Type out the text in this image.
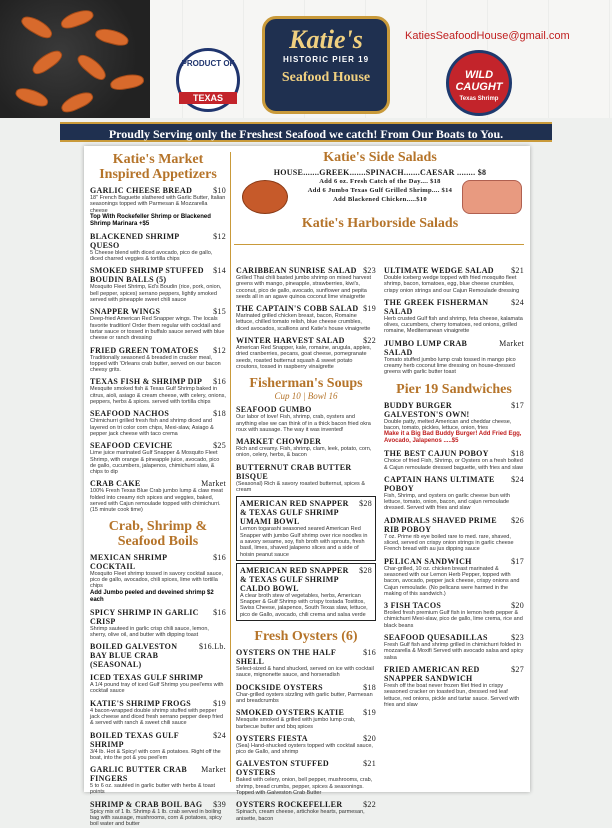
PRODUCT OF
TEXAS
Katie's
HISTORIC PIER 19
Seafood House	WILD CAUGHT
Texas Shrimp
KatiesSeafoodHouse@gmail.com
Proudly Serving only the Freshest Seafood we catch! From Our Boats to You.
Katie's Market Inspired Appetizers
GARLIC CHEESE BREAD	$10
18" French Baguette slathered with Garlic Butter, Italian seasonings topped with Parmesan & Mozzarella cheese
Top With Rockefeller Shrimp or Blackened Shrimp Marinara +$5
BLACKENED SHRIMP QUESO
$12
5 Cheese blend with diced avocado, pico de gallo, diced charred veggies & tortilla chips
SMOKED SHRIMP STUFFED BOUDIN BALLS (5)
$14
Mosquito Fleet Shrimp, Ed's Boudin (rice, pork, onion, bell pepper, spices) serrano peppers, lightly smoked served with pineapple sweet chili sauce
SNAPPER WINGS	$15
Deep-fried American Red Snapper wings. The locals favorite tradition! Order them regular with cocktail and tartar sauce or tossed in buffalo sauce served with blue cheese or ranch dressing
FRIED GREEN TOMATOES $12
Traditionally seasoned & breaded in cracker meal, topped with 'Orleans crab butter, served on our bacon cheesy grits.
TEXAS FISH & SHRIMP DIP $16
Mesquite smoked fish & Texas Gulf Shrimp baked in citrus, aioli, asiago & cream cheese, with celery, onions, peppers, herbs & spices. served with tortilla chips
SEAFOOD NACHOS	$18
Chimichurri grilled fresh fish and shrimp diced and layered on tri color corn chips, Mexi-slaw, Asiago & pepper jack cheese with taco crema
SEAFOOD CEVICHE	$25
Lime juice marinated Gulf Snapper & Mosquito Fleet Shrimp, with orange & pineapple juice, avocado, pico de gallo, cucumbers, jalapenos, chimichurri slaw, & chips to dip
CRAB CAKE	Market
100% Fresh Texas Blue Crab jumbo lump & claw meat folded into creamy rich spices and veggies, baked, served with Cajun remoulade topped with chimichurri. (15 minute cook time)
Crab, Shrimp & Seafood Boils
MEXICAN SHRIMP COCKTAIL
$16
Mosquito Fleet shrimp tossed in savory cocktail sauce, pico de gallo, avocados, chili spices, lime with tortilla chips
Add Jumbo peeled and deveined shrimp $2 each
SPICY SHRIMP IN GARLIC CRISP
$16
Shrimp sauteed in garlic crisp chili sauce, lemon, sherry, olive oil, and butter with dipping toast
BOILED GALVESTON BAY BLUE CRAB (SEASONAL)
$16.Lb.
ICED TEXAS GULF SHRIMP
A 1/4 pound tray of iced Gulf Shrimp you peel'ems with cocktail sauce
KATIE'S SHRIMP FROGS	$19
4 bacon-wrapped double shrimp stuffed with pepper jack cheese and diced fresh serrano pepper deep fried & served with ranch & sweet chili sauce
BOILED TEXAS GULF SHRIMP
$24
3/4 lb. Hot & Spicy! with corn & potatoes. Right off the boat, into the pot & you peel'em
GARLIC BUTTER CRAB FINGERS
Market
5 to 6 oz. sautéed in garlic butter with herbs & toast points
SHRIMP & CRAB BOIL BAG $39
Spicy mix of 1 lb. Shrimp & 1 lb. crab served in boiling bag with sausage, mushrooms, corn & potatoes, spicy boil water and butter
Katie's Side Salads
HOUSE.......GREEK.......SPINACH.......CAESAR ........ $8
Add 6 oz. Fresh Catch of the Day.... $18
Add 6 Jumbo Texas Gulf Grilled Shrimp.... $14
Add Blackened Chicken.....$10
Katie's Harborside Salads
CARIBBEAN SUNRISE SALAD $23
Grilled Thai chili basted jumbo shrimp on mixed harvest greens with mango, pineapple, strawberries, kiwi's, coconut, pico de gallo, avocado, sunflower and pepita seeds all in an agave quinoa coconut lime vinaigrette
THE CAPTAIN'S COBB SALAD $19
Marinated grilled chicken breast, bacon, Romaine lettuce, chilled tomato relish, blue cheese crumbles, diced avocados, scallions and Katie's house vinaigrette
WINTER HARVEST SALAD $22
American Red Snapper, kale, romaine, arugula, apples, dried cranberries, pecans, goat cheese, pomegranate seeds, roasted butternut squash & sweet potato croutons, tossed in raspberry vinaigrette
Fisherman's Soups
Cup 10 | Bowl 16
SEAFOOD GUMBO
Our labor of love! Fish, shrimp, crab, oysters and anything else we can think of in a thick bacon fried okra roux with sausage. The way it was invented!
MARKET CHOWDER
Rich and creamy. Fish, shrimp, clam, leek, potato, corn, onion, celery, herbs, & bacon
BUTTERNUT CRAB BUTTER BISQUE
(Seasonal) Rich & savory roasted butternut, spices & cream
AMERICAN RED SNAPPER & TEXAS GULF SHRIMP UMAMI BOWL
$28
Lemon togarashi seasoned seared American Red Snapper with jumbo Gulf shrimp over rice noodles in a savory sesame, soy, fish broth with sprouts, fresh basil, limes, shaved jalapeno slices and a side of hoisin peanut sauce
AMERICAN RED SNAPPER & TEXAS GULF SHRIMP CALDO BOWL
$28
A clear broth stew of vegetables, herbs, American Snapper & Gulf Shrimp with crispy tostada Tostitos, Swiss Cheese, jalapenos, South Texas slaw, lettuce, pico de Gallo, avocado, chili crema and salsa verde
Fresh Oysters (6)
OYSTERS ON THE HALF SHELL
$16
Select-sized & hand shucked, served on ice with cocktail sauce, mignonette sauce, and horseradish
DOCKSIDE OYSTERS	$18
Char-grilled oysters sizzling with garlic butter, Parmesan and breadcrumbs
SMOKED OYSTERS KATIE $19
Mesquite smoked & grilled with jumbo lump crab, barbecue butter and bbq spices
OYSTERS FIESTA	$20
(Sea) Hand-shucked oysters topped with cocktail sauce, pico de Gallo, and shrimp
GALVESTON STUFFED OYSTERS
$21
Baked with celery, onion, bell pepper, mushrooms, crab, shrimp, bread crumbs, pepper, spices & seasonings. Topped with Galveston Crab Butter
OYSTERS ROCKEFELLER	$22
Spinach, cream cheese, artichoke hearts, parmesan, anisette, bacon
ULTIMATE WEDGE SALAD $21
Double iceberg wedge topped with fried mosquito fleet shrimp, bacon, tomatoes, egg, blue cheese crumbles, crispy onion strings and our Cajun Remoulade dressing
THE GREEK FISHERMAN SALAD
$24
Herb crusted Gulf fish and shrimp, feta cheese, kalamata olives, cucumbers, cherry tomatoes, red onions, grilled romaine, Mediterranean vinaigrette
JUMBO LUMP CRAB SALAD
Market
Tomato stuffed jumbo lump crab tossed in mango pico creamy herb coconut lime dressing on house-dressed greens with garlic butter toast
Pier 19 Sandwiches
BUDDY BURGER GALVESTON'S OWN!
$17
Double patty, melted American and cheddar cheese, bacon, tomato, pickles, lettuce, onion, fries
Make it a Big Bad Buddy Burger! Add Fried Egg, Avocado, Jalapenos .....$5
THE BEST CAJUN POBOY	$18
Choice of fried Fish, Shrimp, or Oysters on a fresh bolted & Cajun remoulade dressed baguette, with fries and slaw
CAPTAIN HANS ULTIMATE POBOY
$24
Fish, Shrimp, and oysters on garlic cheese bun with lettuce, tomato, onion, bacon, and cajun remoulade dressed. Served with fries and slaw
ADMIRALS SHAVED PRIME RIB POBOY
$26
7 oz. Prime rib eye boiled rare to med. rare, shaved, sliced, served on crispy onion strings in garlic cheese French bread with au jus dipping sauce
PELICAN SANDWICH	$17
Char-grilled, 10 oz. chicken breast marinated & seasoned with our Lemon Herb Pepper, topped with bacon, avocado, pepper jack cheese, crispy onions and Cajun remoulade. (No pelicans were harmed in the making of this sandwich.)
3 FISH TACOS	$20
Broiled fresh premium Gulf fish in lemon herb pepper & chimichurri Mexi-slaw, pico de gallo, lime crema, rice and black beans
SEAFOOD QUESADILLAS	$23
Fresh Gulf fish and shrimp grilled in chimichurri folded in mozzarella & Moxifi Served with avocado salsa and spicy salsa
FRIED AMERICAN RED SNAPPER SANDWICH
$27
Fresh off the boat never frozen filet fried in crispy seasoned cracker on toasted bun, dressed red leaf lettuce, red onions, pickle and tartar sauce. Served with fries and slaw
